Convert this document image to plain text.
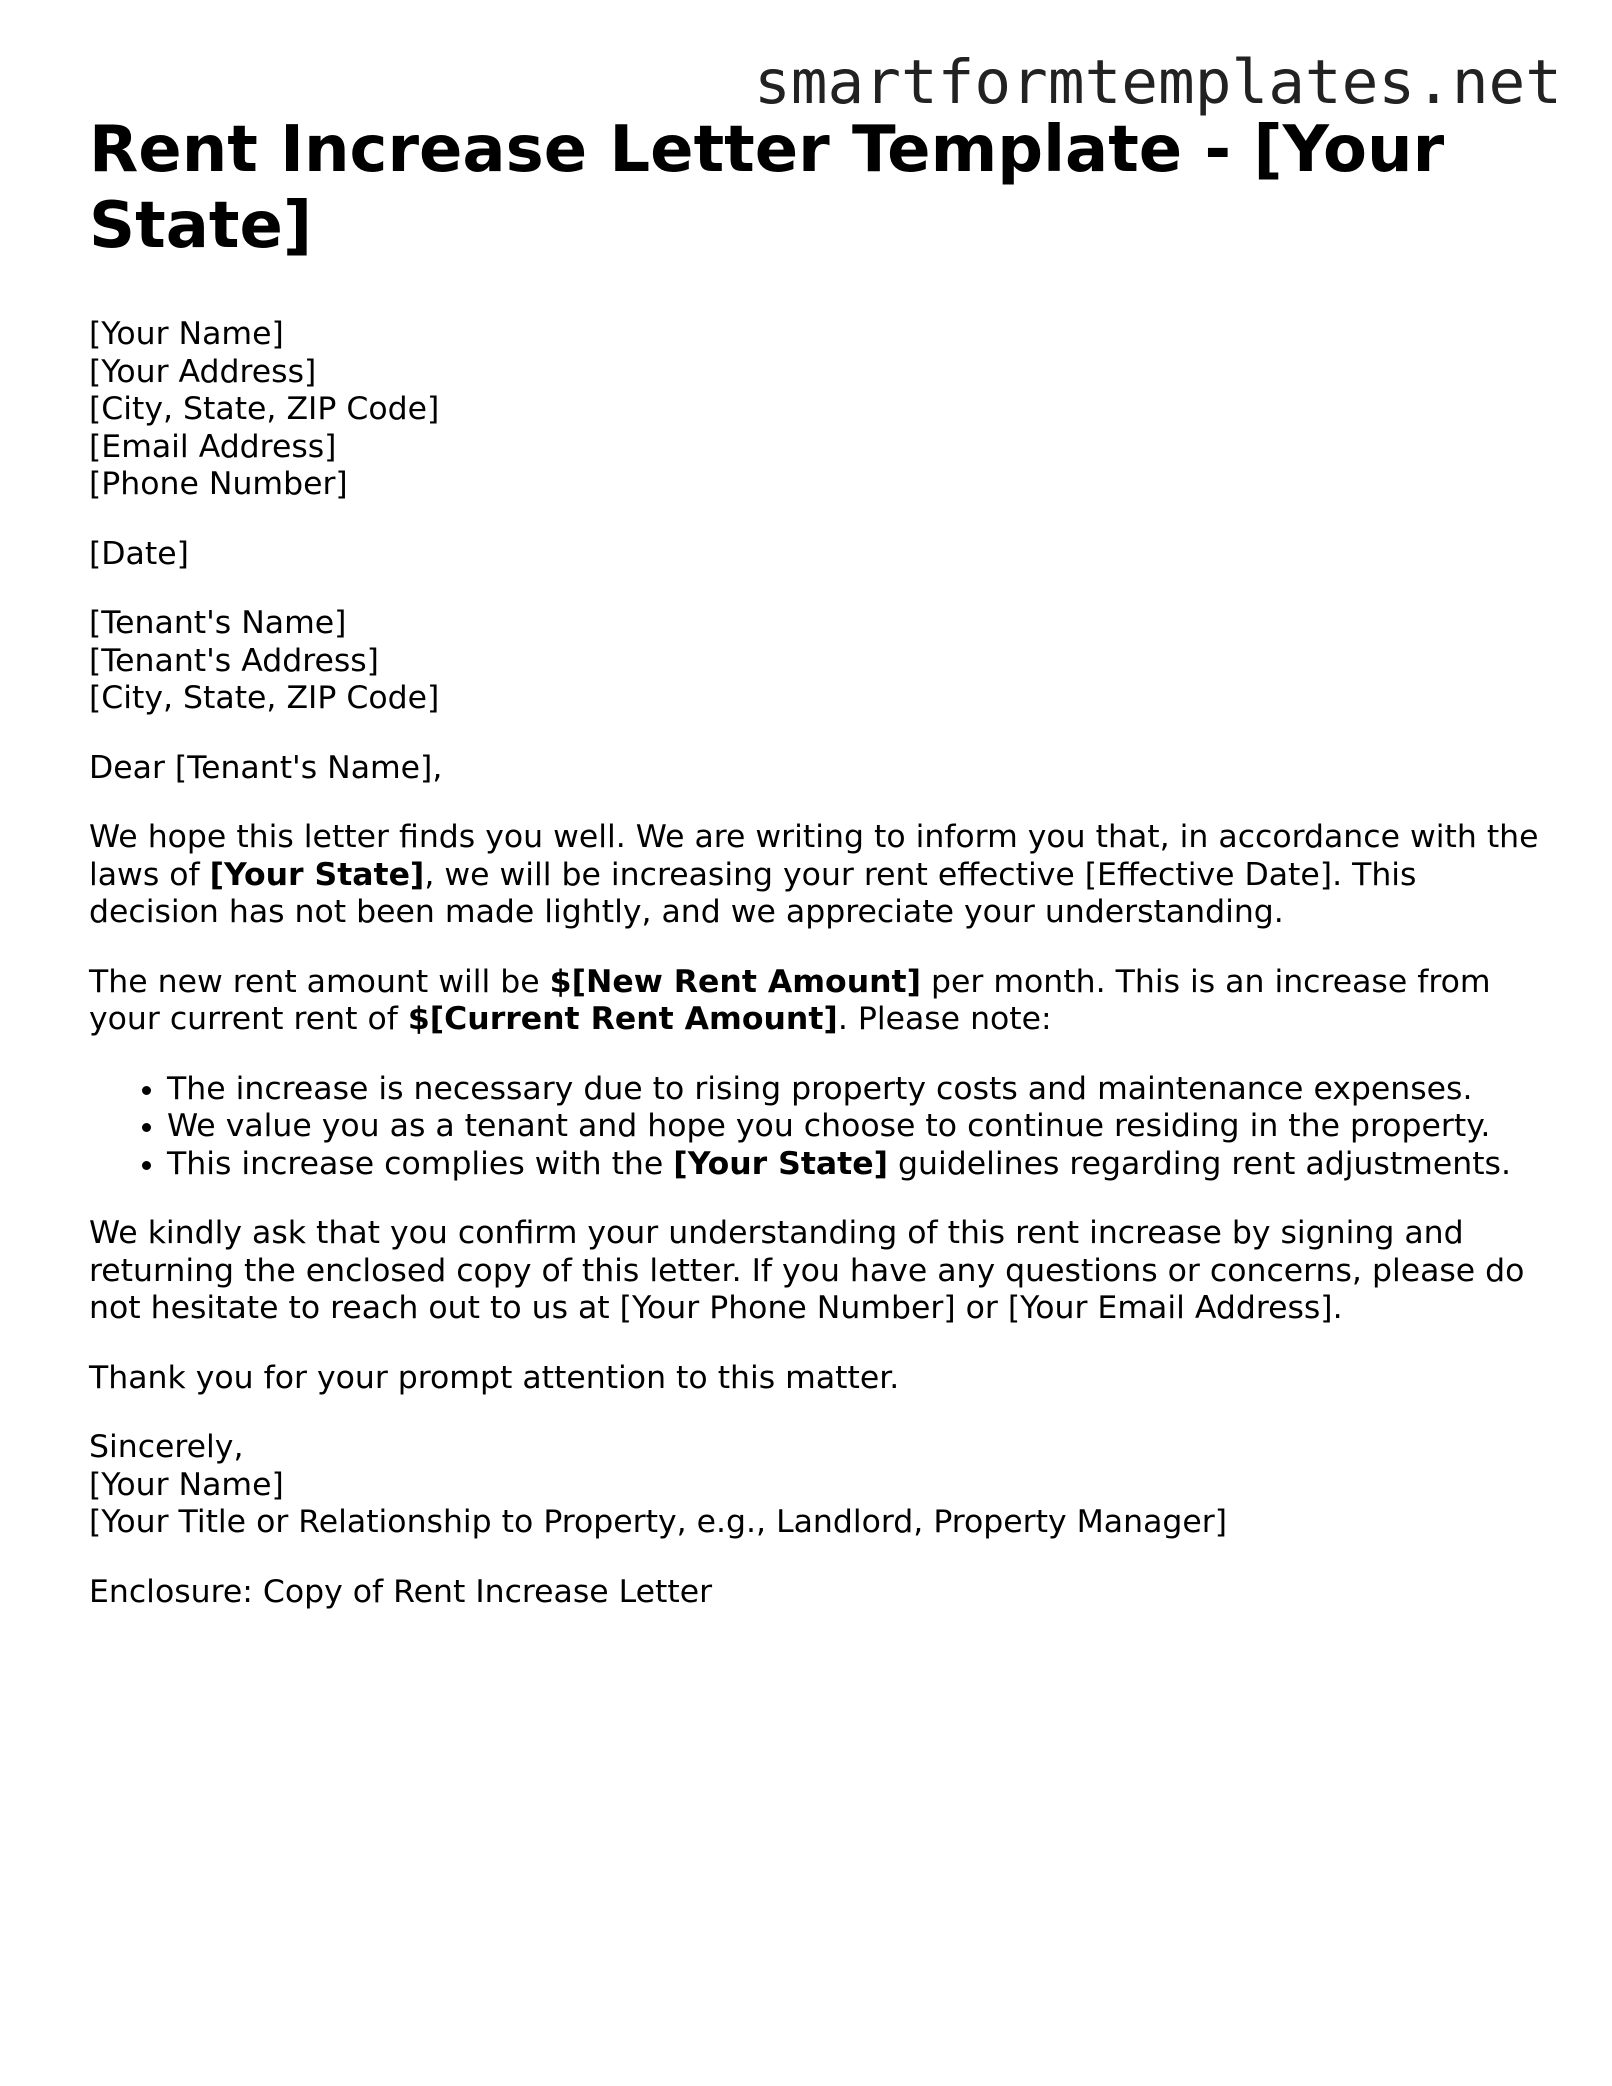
smartformtemplates.net
Rent Increase Letter Template - [Your State]
[Your Name]
[Your Address]
[City, State, ZIP Code]
[Email Address]
[Phone Number]
[Date]
[Tenant's Name]
[Tenant's Address]
[City, State, ZIP Code]

Dear [Tenant's Name],

We hope this letter finds you well. We are writing to inform you that, in accordance with the laws of [Your State], we will be increasing your rent effective [Effective Date]. This decision has not been made lightly, and we appreciate your understanding.

The new rent amount will be $[New Rent Amount] per month. This is an increase from your current rent of $[Current Rent Amount]. Please note:

• The increase is necessary due to rising property costs and maintenance expenses.
• We value you as a tenant and hope you choose to continue residing in the property.
• This increase complies with the [Your State] guidelines regarding rent adjustments.

We kindly ask that you confirm your understanding of this rent increase by signing and returning the enclosed copy of this letter. If you have any questions or concerns, please do not hesitate to reach out to us at [Your Phone Number] or [Your Email Address].

Thank you for your prompt attention to this matter.

Sincerely,
[Your Name]
[Your Title or Relationship to Property, e.g., Landlord, Property Manager]
Enclosure: Copy of Rent Increase Letter
